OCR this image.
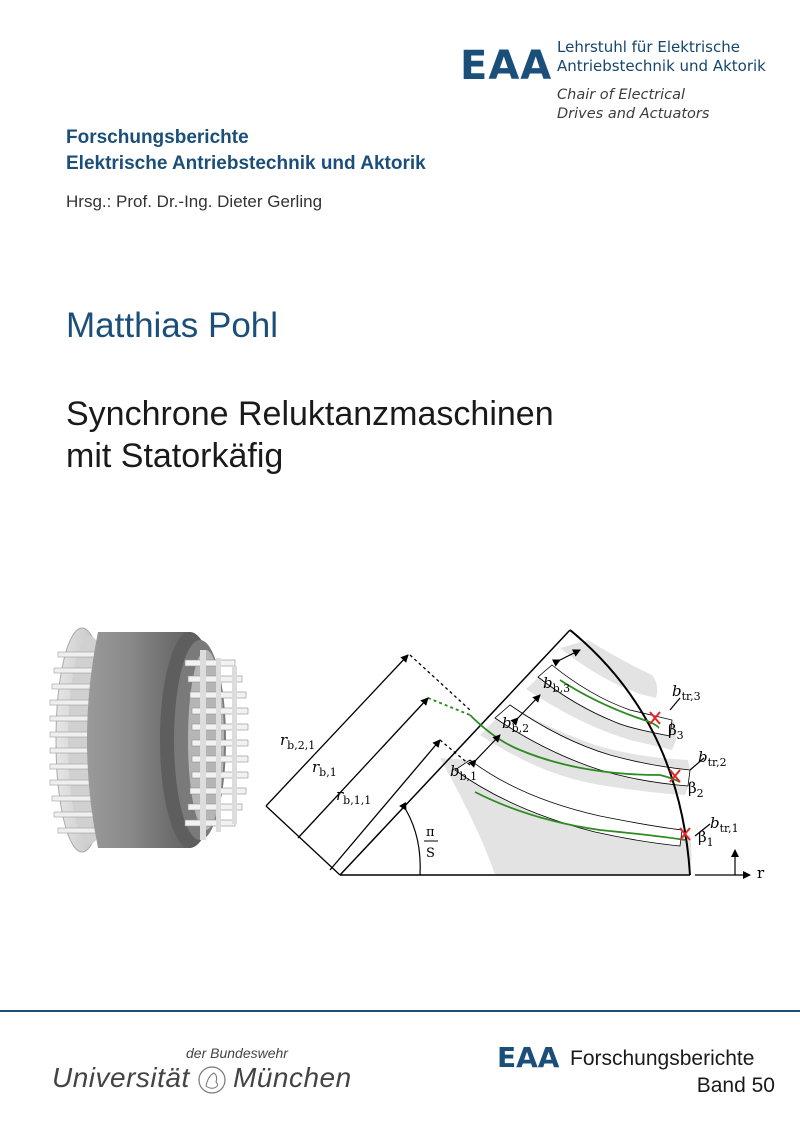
EAA Lehrstuhl für Elektrische
Antriebstechnik und Aktorik
Chair of Electrical
Drives and Actuators
Forschungsberichte
Elektrische Antriebstechnik und Aktorik
Hrsg.: Prof. Dr.-Ing. Dieter Gerling
Matthias Pohl
Synchrone Reluktanzmaschinen
mit Statorkäfig
$r_{b,2,1}$
$r_{b,1}$
$r_{b,1,1}$
$b_{b,1}$
$b_{b,2}$
$b_{b,3}$	$b_{tr,3}$
$b_{tr,2}$
$b_{tr,1}$
$\beta_3$
$\beta_2$
$\beta_1$
π
S
r
der Bundeswehr
Universität München
EAA Forschungsberichte
Band 50
